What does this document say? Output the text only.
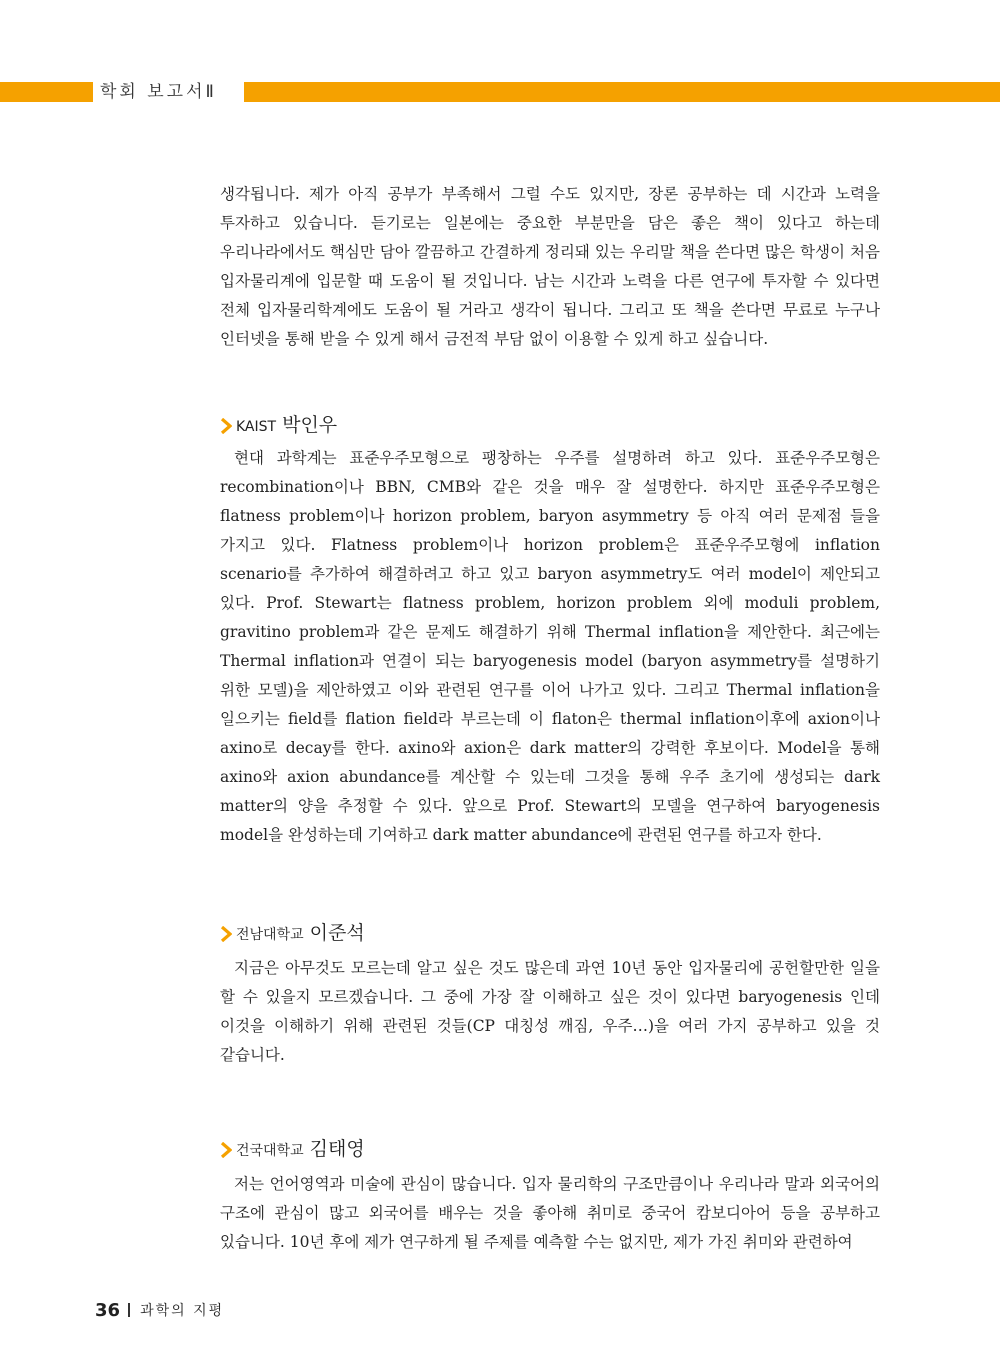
학회 보고서Ⅱ

생각됩니다. 제가 아직 공부가 부족해서 그럴 수도 있지만, 장론 공부하는 데 시간과 노력을 투자하고 있습니다. 듣기로는 일본에는 중요한 부분만을 담은 좋은 책이 있다고 하는데 우리나라에서도 핵심만 담아 깔끔하고 간결하게 정리돼 있는 우리말 책을 쓴다면 많은 학생이 처음 입자물리계에 입문할 때 도움이 될 것입니다. 남는 시간과 노력을 다른 연구에 투자할 수 있다면 전체 입자물리학계에도 도움이 될 거라고 생각이 됩니다. 그리고 또 책을 쓴다면 무료로 누구나 인터넷을 통해 받을 수 있게 해서 금전적 부담 없이 이용할 수 있게 하고 싶습니다.

KAIST 박인우

현대 과학계는 표준우주모형으로 팽창하는 우주를 설명하려 하고 있다. 표준우주모형은 recombination이나 BBN, CMB와 같은 것을 매우 잘 설명한다. 하지만 표준우주모형은 flatness problem이나 horizon problem, baryon asymmetry 등 아직 여러 문제점 들을 가지고 있다. Flatness problem이나 horizon problem은 표준우주모형에 inflation scenario를 추가하여 해결하려고 하고 있고 baryon asymmetry도 여러 model이 제안되고 있다. Prof. Stewart는 flatness problem, horizon problem 외에 moduli problem, gravitino problem과 같은 문제도 해결하기 위해 Thermal inflation을 제안한다. 최근에는 Thermal inflation과 연결이 되는 baryogenesis model (baryon asymmetry를 설명하기 위한 모델)을 제안하였고 이와 관련된 연구를 이어 나가고 있다. 그리고 Thermal inflation을 일으키는 field를 flation field라 부르는데 이 flaton은 thermal inflation이후에 axion이나 axino로 decay를 한다. axino와 axion은 dark matter의 강력한 후보이다. Model을 통해 axino와 axion abundance를 계산할 수 있는데 그것을 통해 우주 초기에 생성되는 dark matter의 양을 추정할 수 있다. 앞으로 Prof. Stewart의 모델을 연구하여 baryogenesis model을 완성하는데 기여하고 dark matter abundance에 관련된 연구를 하고자 한다.

전남대학교 이준석

지금은 아무것도 모르는데 알고 싶은 것도 많은데 과연 10년 동안 입자물리에 공헌할만한 일을 할 수 있을지 모르겠습니다. 그 중에 가장 잘 이해하고 싶은 것이 있다면 baryogenesis 인데 이것을 이해하기 위해 관련된 것들(CP 대칭성 깨짐, 우주…)을 여러 가지 공부하고 있을 것 같습니다.

건국대학교 김태영

저는 언어영역과 미술에 관심이 많습니다. 입자 물리학의 구조만큼이나 우리나라 말과 외국어의 구조에 관심이 많고 외국어를 배우는 것을 좋아해 취미로 중국어 캄보디아어 등을 공부하고 있습니다. 10년 후에 제가 연구하게 될 주제를 예측할 수는 없지만, 제가 가진 취미와 관련하여

36 과학의 지평
